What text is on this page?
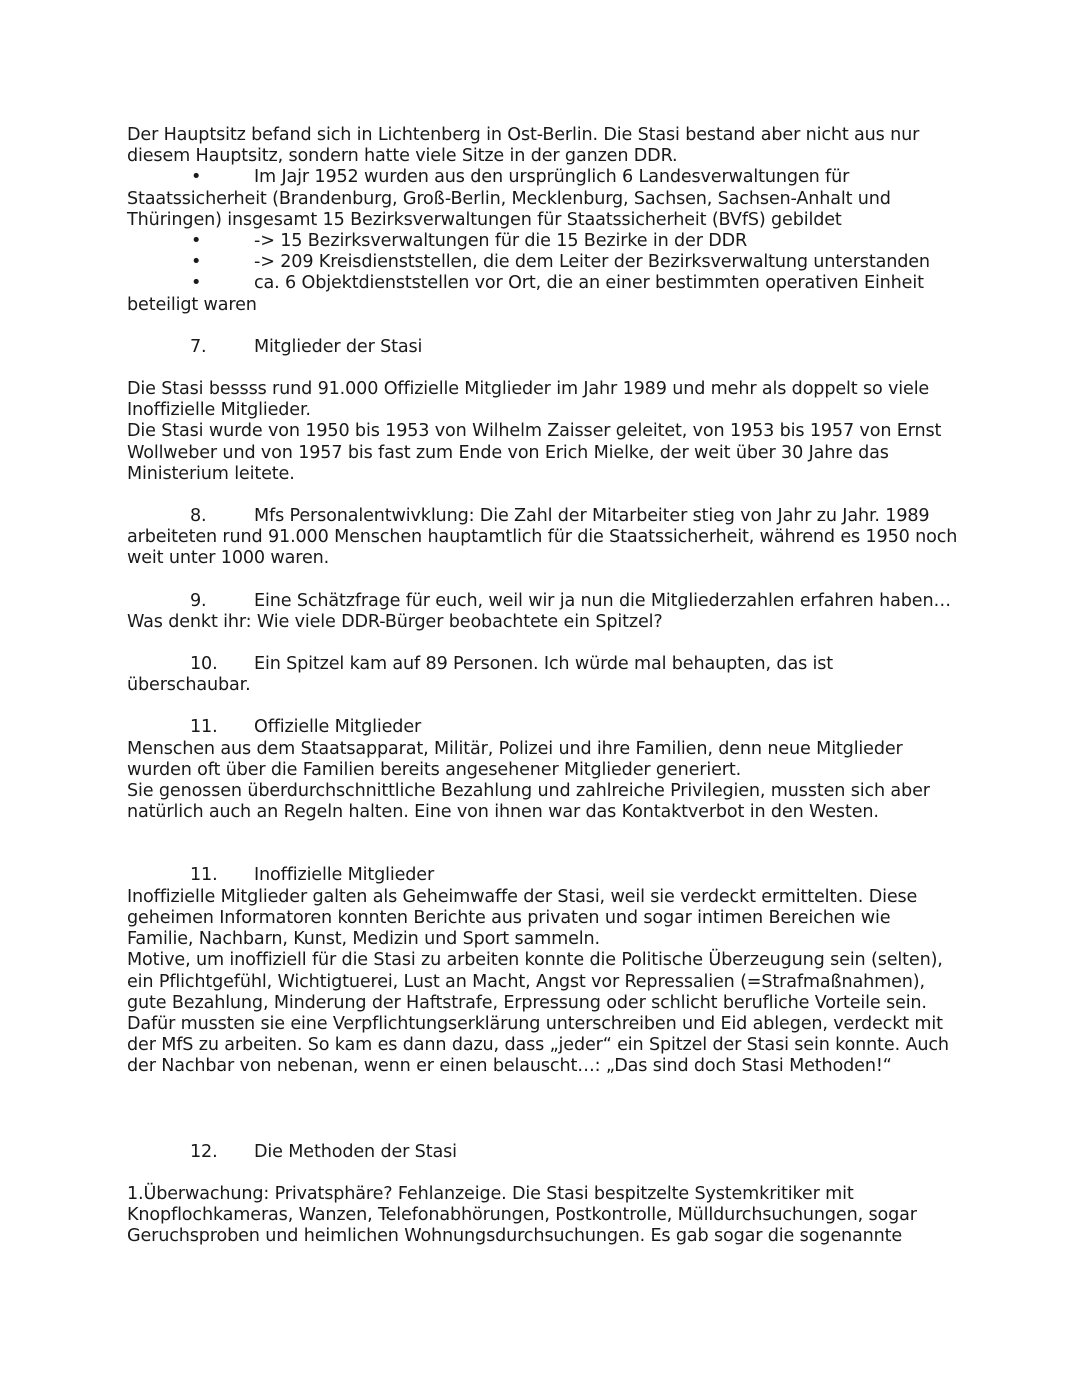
Der Hauptsitz befand sich in Lichtenberg in Ost-Berlin. Die Stasi bestand aber nicht aus nur
diesem Hauptsitz, sondern hatte viele Sitze in der ganzen DDR.
•	Im Jajr 1952 wurden aus den ursprünglich 6 Landesverwaltungen für
Staatssicherheit (Brandenburg, Groß-Berlin, Mecklenburg, Sachsen, Sachsen-Anhalt und
Thüringen) insgesamt 15 Bezirksverwaltungen für Staatssicherheit (BVfS) gebildet
•	-> 15 Bezirksverwaltungen für die 15 Bezirke in der DDR
•	-> 209 Kreisdienststellen, die dem Leiter der Bezirksverwaltung unterstanden
•	ca. 6 Objektdienststellen vor Ort, die an einer bestimmten operativen Einheit
beteiligt waren
7.	Mitglieder der Stasi
Die Stasi bessss rund 91.000 Offizielle Mitglieder im Jahr 1989 und mehr als doppelt so viele
Inoffizielle Mitglieder.
Die Stasi wurde von 1950 bis 1953 von Wilhelm Zaisser geleitet, von 1953 bis 1957 von Ernst
Wollweber und von 1957 bis fast zum Ende von Erich Mielke, der weit über 30 Jahre das
Ministerium leitete.
8.	Mfs Personalentwivklung: Die Zahl der Mitarbeiter stieg von Jahr zu Jahr. 1989
arbeiteten rund 91.000 Menschen hauptamtlich für die Staatssicherheit, während es 1950 noch
weit unter 1000 waren.
9.	Eine Schätzfrage für euch, weil wir ja nun die Mitgliederzahlen erfahren haben…
Was denkt ihr: Wie viele DDR-Bürger beobachtete ein Spitzel?
10. Ein Spitzel kam auf 89 Personen. Ich würde mal behaupten, das ist
überschaubar.
11. Offizielle Mitglieder
Menschen aus dem Staatsapparat, Militär, Polizei und ihre Familien, denn neue Mitglieder
wurden oft über die Familien bereits angesehener Mitglieder generiert.
Sie genossen überdurchschnittliche Bezahlung und zahlreiche Privilegien, mussten sich aber
natürlich auch an Regeln halten. Eine von ihnen war das Kontaktverbot in den Westen.
11. Inoffizielle Mitglieder
Inoffizielle Mitglieder galten als Geheimwaffe der Stasi, weil sie verdeckt ermittelten. Diese
geheimen Informatoren konnten Berichte aus privaten und sogar intimen Bereichen wie
Familie, Nachbarn, Kunst, Medizin und Sport sammeln.
Motive, um inoffiziell für die Stasi zu arbeiten konnte die Politische Überzeugung sein (selten),
ein Pflichtgefühl, Wichtigtuerei, Lust an Macht, Angst vor Repressalien (=Strafmaßnahmen),
gute Bezahlung, Minderung der Haftstrafe, Erpressung oder schlicht berufliche Vorteile sein.
Dafür mussten sie eine Verpflichtungserklärung unterschreiben und Eid ablegen, verdeckt mit
der MfS zu arbeiten. So kam es dann dazu, dass „jeder“ ein Spitzel der Stasi sein konnte. Auch
der Nachbar von nebenan, wenn er einen belauscht…: „Das sind doch Stasi Methoden!“
12. Die Methoden der Stasi
1.Überwachung: Privatsphäre? Fehlanzeige. Die Stasi bespitzelte Systemkritiker mit
Knopflochkameras, Wanzen, Telefonabhörungen, Postkontrolle, Mülldurchsuchungen, sogar
Geruchsproben und heimlichen Wohnungsdurchsuchungen. Es gab sogar die sogenannte
